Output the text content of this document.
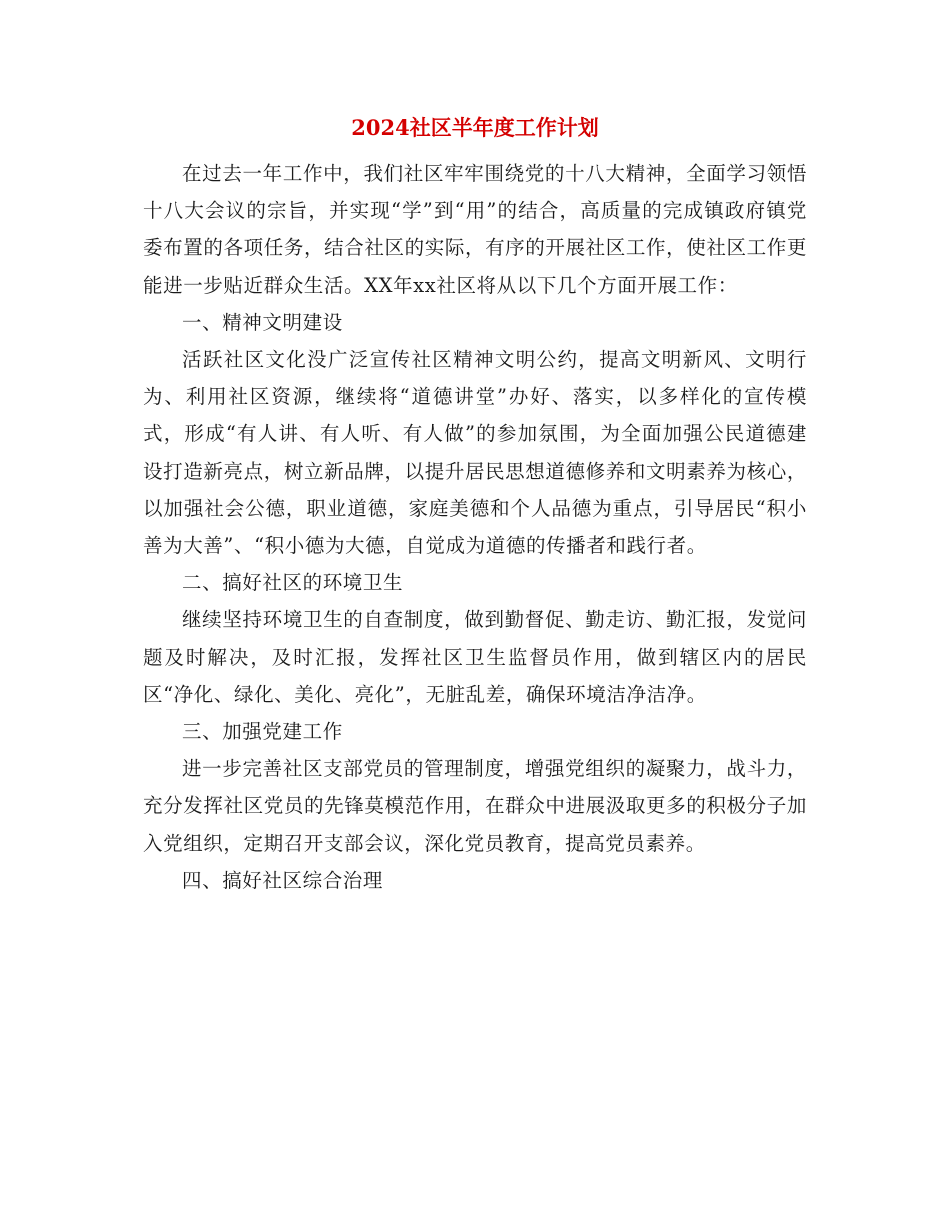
2024社区半年度工作计划

在过去一年工作中，我们社区牢牢围绕党的十八大精神，全面学习领悟十八大会议的宗旨，并实现“学”到“用”的结合，高质量的完成镇政府镇党委布置的各项任务，结合社区的实际，有序的开展社区工作，使社区工作更能进一步贴近群众生活。XX年xx社区将从以下几个方面开展工作：

一、精神文明建设

活跃社区文化没广泛宣传社区精神文明公约，提高文明新风、文明行为、利用社区资源，继续将“道德讲堂”办好、落实，以多样化的宣传模式，形成“有人讲、有人听、有人做”的参加氛围，为全面加强公民道德建设打造新亮点，树立新品牌，以提升居民思想道德修养和文明素养为核心，以加强社会公德，职业道德，家庭美德和个人品德为重点，引导居民“积小善为大善”、“积小德为大德，自觉成为道德的传播者和践行者。

二、搞好社区的环境卫生

继续坚持环境卫生的自查制度，做到勤督促、勤走访、勤汇报，发觉问题及时解决，及时汇报，发挥社区卫生监督员作用，做到辖区内的居民区“净化、绿化、美化、亮化”，无脏乱差，确保环境洁净洁净。

三、加强党建工作

进一步完善社区支部党员的管理制度，增强党组织的凝聚力，战斗力，充分发挥社区党员的先锋莫模范作用，在群众中进展汲取更多的积极分子加入党组织，定期召开支部会议，深化党员教育，提高党员素养。

四、搞好社区综合治理
